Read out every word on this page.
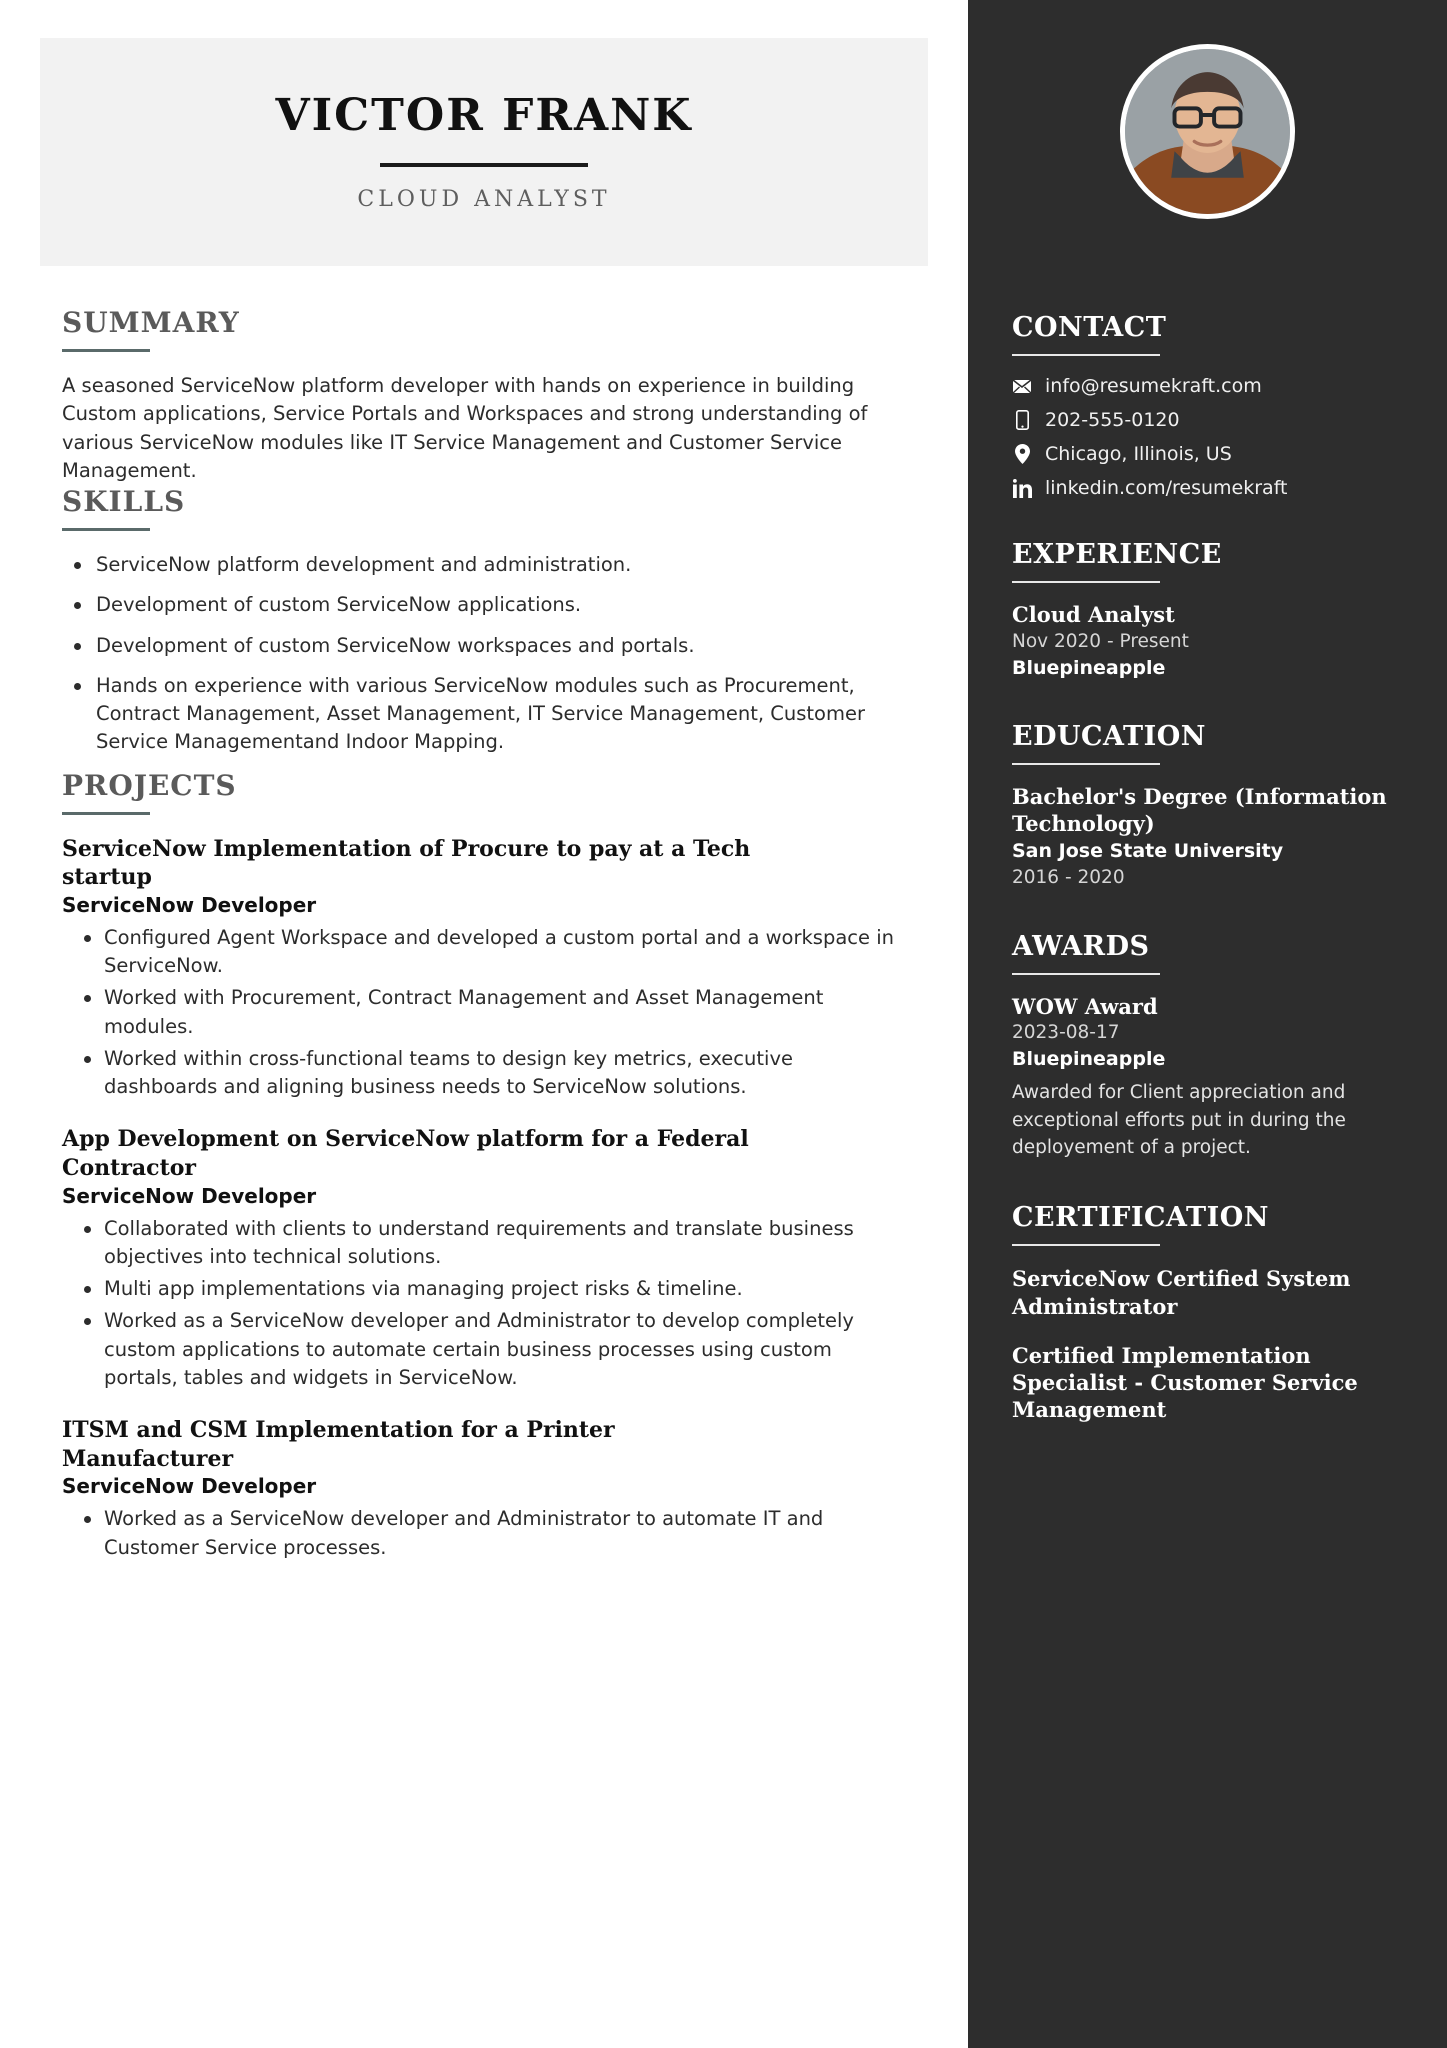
VICTOR FRANK
CLOUD ANALYST
SUMMARY
A seasoned ServiceNow platform developer with hands on experience in building Custom applications, Service Portals and Workspaces and strong understanding of various ServiceNow modules like IT Service Management and Customer Service Management.
SKILLS
ServiceNow platform development and administration.
Development of custom ServiceNow applications.
Development of custom ServiceNow workspaces and portals.
Hands on experience with various ServiceNow modules such as Procurement, Contract Management, Asset Management, IT Service Management, Customer Service Managementand Indoor Mapping.
PROJECTS
ServiceNow Implementation of Procure to pay at a Tech startup
ServiceNow Developer
Configured Agent Workspace and developed a custom portal and a workspace in ServiceNow.
Worked with Procurement, Contract Management and Asset Management modules.
Worked within cross-functional teams to design key metrics, executive dashboards and aligning business needs to ServiceNow solutions.
App Development on ServiceNow platform for a Federal Contractor
ServiceNow Developer
Collaborated with clients to understand requirements and translate business objectives into technical solutions.
Multi app implementations via managing project risks & timeline.
Worked as a ServiceNow developer and Administrator to develop completely custom applications to automate certain business processes using custom portals, tables and widgets in ServiceNow.
ITSM and CSM Implementation for a Printer Manufacturer
ServiceNow Developer
Worked as a ServiceNow developer and Administrator to automate IT and Customer Service processes.
CONTACT
info@resumekraft.com
202-555-0120
Chicago, Illinois, US
linkedin.com/resumekraft
EXPERIENCE
Cloud Analyst
Nov 2020 - Present
Bluepineapple
EDUCATION
Bachelor's Degree (Information Technology)
San Jose State University
2016 - 2020
AWARDS
WOW Award
2023-08-17
Bluepineapple
Awarded for Client appreciation and exceptional efforts put in during the deployement of a project.
CERTIFICATION
ServiceNow Certified System Administrator
Certified Implementation Specialist - Customer Service Management
